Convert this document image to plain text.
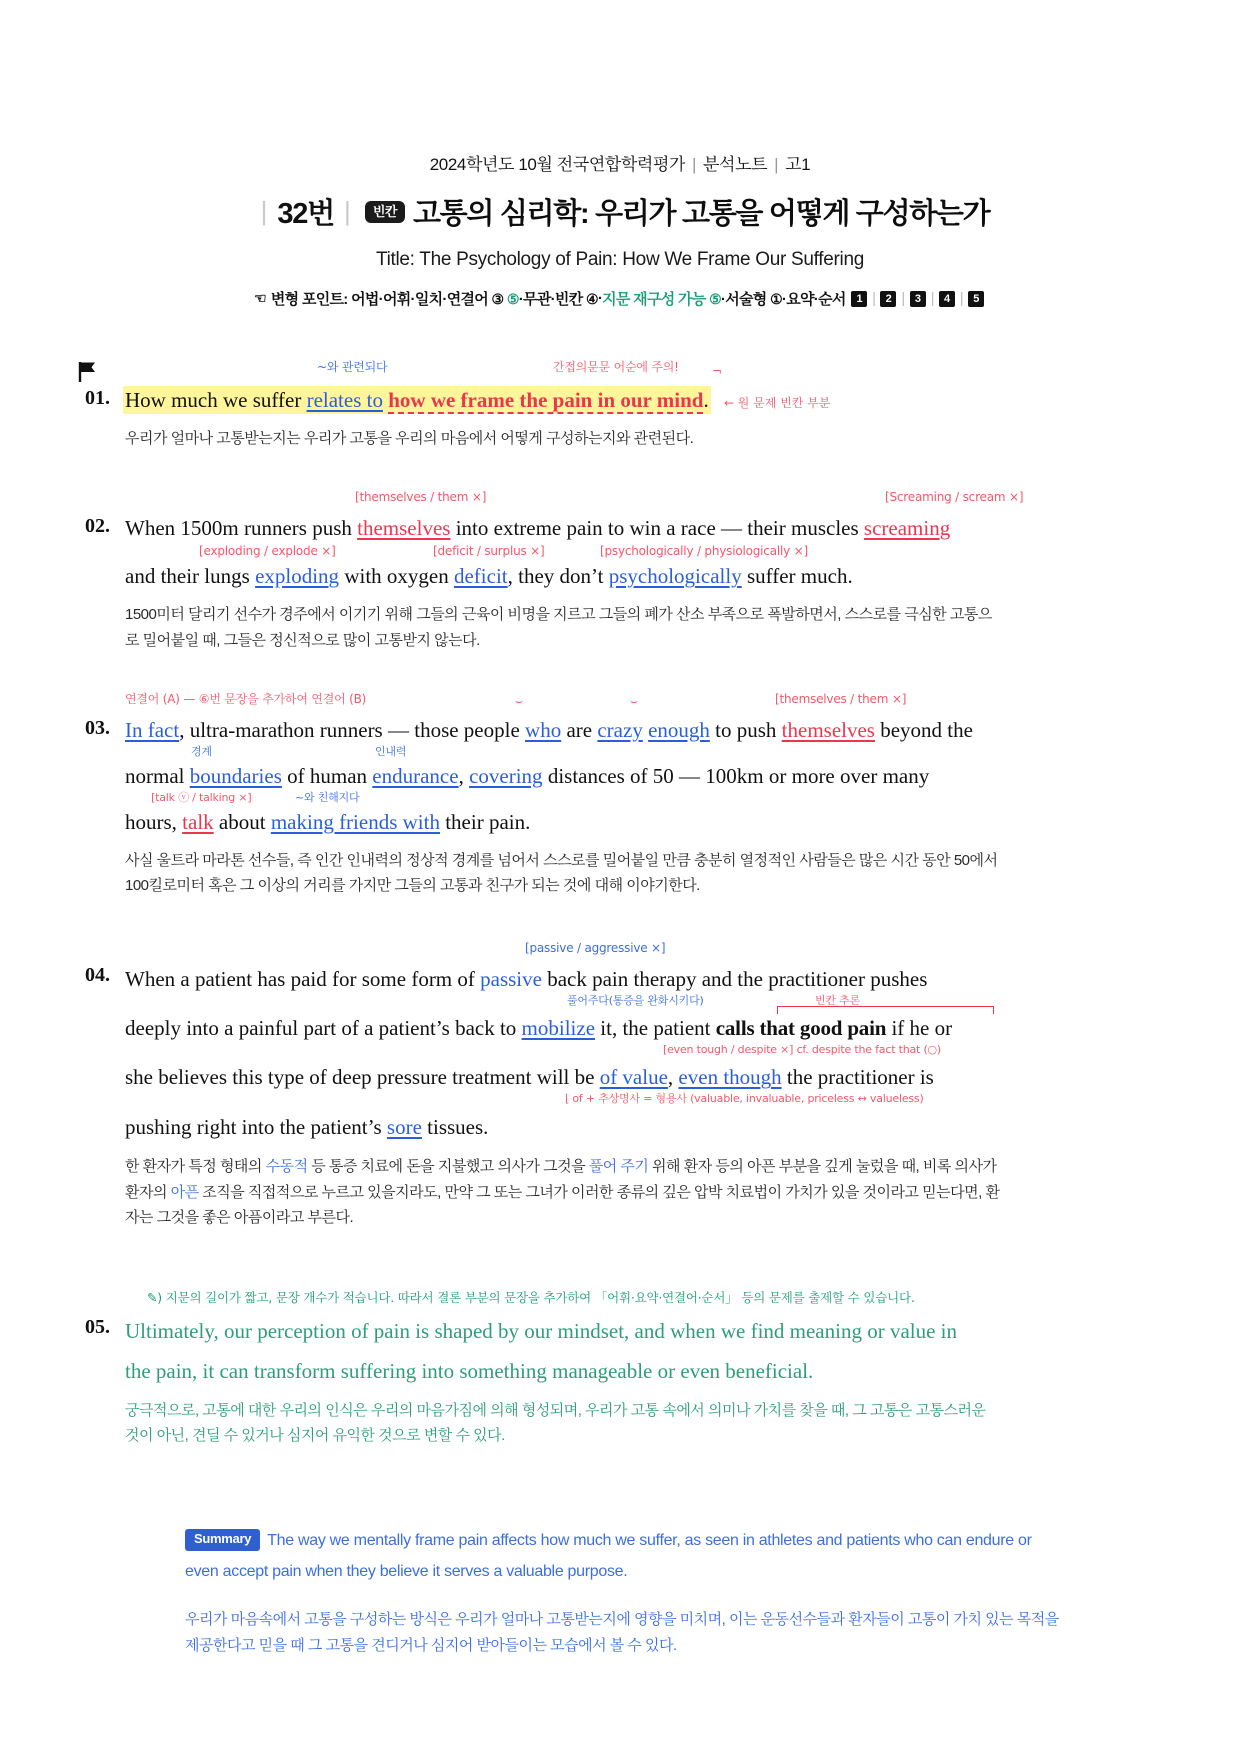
2024학년도 10월 전국연합학력평가 | 분석노트 | 고1
| 32번 |	빈칸 고통의 심리학: 우리가 고통을 어떻게 구성하는가
Title: The Psychology of Pain: How We Frame Our Suffering
☜ 변형 포인트:
어법·어휘·일치·연결어
③
⑤ ·무관·빈칸
④ · 지문 재구성 가능
⑤ ·서술형
① ·요약·순서
1 | 2 | 3 | 4 | 5
~와 관련되다	간접의문문 어순에 주의!	¬
01. How much we suffer relates to how we frame the pain in our mind. ← 원 문제 빈칸 부분
우리가 얼마나 고통받는지는 우리가 고통을 우리의 마음에서 어떻게 구성하는지와 관련된다.
[themselves / them ×]	[Screaming / scream ×]
02. When 1500m runners push themselves into extreme pain to win a race — their muscles screaming
[exploding / explode ×]	[deficit / surplus ×]	[psychologically / physiologically ×]
and their lungs exploding with oxygen deficit, they don’t psychologically suffer much.
1500미터 달리기 선수가 경주에서 이기기 위해 그들의 근육이 비명을 지르고 그들의 폐가 산소 부족으로 폭발하면서, 스스로를 극심한 고통으로 밀어붙일 때, 그들은 정신적으로 많이 고통받지 않는다.
연결어 (A) — ⑥번 문장을 추가하여 연결어 (B)	[themselves / them ×]
⌣	⌣
03. In fact, ultra-marathon runners — those people who are crazy enough to push themselves beyond the
경계	인내력
normal boundaries of human endurance, covering distances of 50 — 100km or more over many
[talk ⓥ / talking ×]	~와 친해지다
hours, talk about making friends with their pain.
사실 울트라 마라톤 선수들, 즉 인간 인내력의 정상적 경계를 넘어서 스스로를 밀어붙일 만큼 충분히 열정적인 사람들은 많은 시간 동안 50에서 100킬로미터 혹은 그 이상의 거리를 가지만 그들의 고통과 친구가 되는 것에 대해 이야기한다.
[passive / aggressive ×]
04. When a patient has paid for some form of passive back pain therapy and the practitioner pushes
풀어주다(통증을 완화시키다)	빈칸 추론
deeply into a painful part of a patient’s back to mobilize it, the patient calls that good pain if he or
[even tough / despite ×] cf. despite the fact that (○)
she believes this type of deep pressure treatment will be of value, even though the practitioner is
⌊ of + 추상명사 = 형용사 (valuable, invaluable, priceless ↔ valueless)
pushing right into the patient’s sore tissues.
한 환자가 특정 형태의 수동적 등 통증 치료에 돈을 지불했고 의사가 그것을 풀어 주기 위해 환자 등의 아픈 부분을 깊게 눌렀을 때, 비록 의사가 환자의 아픈 조직을 직접적으로 누르고 있을지라도, 만약 그 또는 그녀가 이러한 종류의 깊은 압박 치료법이 가치가 있을 것이라고 믿는다면, 환자는 그것을 좋은 아픔이라고 부른다.
✎) 지문의 길이가 짧고, 문장 개수가 적습니다. 따라서 결론 부분의 문장을 추가하여 「어휘·요약·연결어·순서」 등의 문제를 출제할 수 있습니다.
05. Ultimately, our perception of pain is shaped by our mindset, and when we find meaning or value in
the pain, it can transform suffering into something manageable or even beneficial.
궁극적으로, 고통에 대한 우리의 인식은 우리의 마음가짐에 의해 형성되며, 우리가 고통 속에서 의미나 가치를 찾을 때, 그 고통은 고통스러운 것이 아닌, 견딜 수 있거나 심지어 유익한 것으로 변할 수 있다.
Summary The way we mentally frame pain affects how much we suffer, as seen in athletes and patients who can endure or even accept pain when they believe it serves a valuable purpose.
우리가 마음속에서 고통을 구성하는 방식은 우리가 얼마나 고통받는지에 영향을 미치며, 이는 운동선수들과 환자들이 고통이 가치 있는 목적을 제공한다고 믿을 때 그 고통을 견디거나 심지어 받아들이는 모습에서 볼 수 있다.
